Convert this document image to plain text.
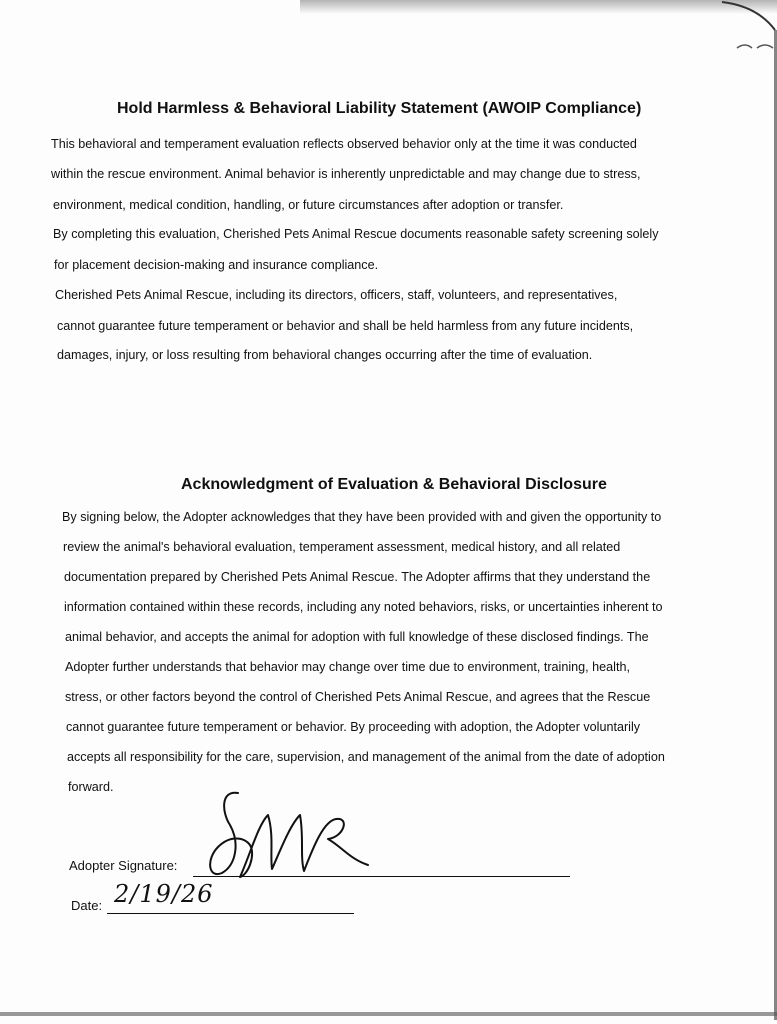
Hold Harmless & Behavioral Liability Statement (AWOIP Compliance)
This behavioral and temperament evaluation reflects observed behavior only at the time it was conducted
within the rescue environment. Animal behavior is inherently unpredictable and may change due to stress,
environment, medical condition, handling, or future circumstances after adoption or transfer.
By completing this evaluation, Cherished Pets Animal Rescue documents reasonable safety screening solely
for placement decision-making and insurance compliance.
Cherished Pets Animal Rescue, including its directors, officers, staff, volunteers, and representatives,
cannot guarantee future temperament or behavior and shall be held harmless from any future incidents,
damages, injury, or loss resulting from behavioral changes occurring after the time of evaluation.
Acknowledgment of Evaluation & Behavioral Disclosure
By signing below, the Adopter acknowledges that they have been provided with and given the opportunity to
review the animal's behavioral evaluation, temperament assessment, medical history, and all related
documentation prepared by Cherished Pets Animal Rescue. The Adopter affirms that they understand the
information contained within these records, including any noted behaviors, risks, or uncertainties inherent to
animal behavior, and accepts the animal for adoption with full knowledge of these disclosed findings. The
Adopter further understands that behavior may change over time due to environment, training, health,
stress, or other factors beyond the control of Cherished Pets Animal Rescue, and agrees that the Rescue
cannot guarantee future temperament or behavior. By proceeding with adoption, the Adopter voluntarily
accepts all responsibility for the care, supervision, and management of the animal from the date of adoption
forward.
Adopter Signature:
Date: 2/19/26
